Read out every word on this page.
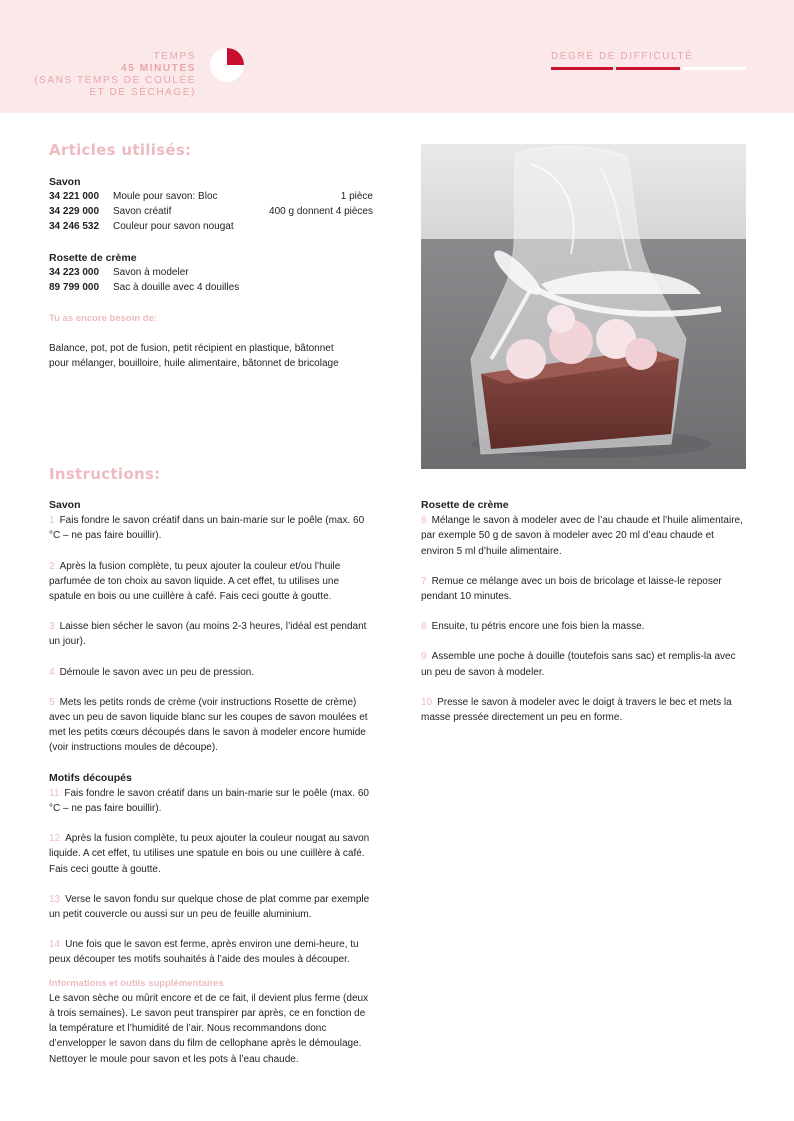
TEMPS
45 MINUTES
(SANS TEMPS DE COULÉE
ET DE SÉCHAGE)
DEGRÉ DE DIFFICULTÉ
Articles utilisés:
Savon
34 221 000 Moule pour savon: Bloc	1 pièce
34 229 000 Savon créatif	400 g donnent 4 pièces
34 246 532 Couleur pour savon nougat
Rosette de crème
34 223 000 Savon à modeler
89 799 000 Sac à douille avec 4 douilles
Tu as encore besoin de:
Balance, pot, pot de fusion, petit récipient en plastique, bâtonnet pour mélanger, bouilloire, huile alimentaire, bâtonnet de bricolage
Instructions:
Savon
1 Fais fondre le savon créatif dans un bain-marie sur le poêle (max. 60 °C – ne pas faire bouillir).
2 Après la fusion complète, tu peux ajouter la couleur et/ou l’huile parfumée de ton choix au savon liquide. A cet effet, tu utilises une spatule en bois ou une cuillère à café. Fais ceci goutte à goutte.
3 Laisse bien sécher le savon (au moins 2-3 heures, l’idéal est pendant un jour).
4 Démoule le savon avec un peu de pression.
5 Mets les petits ronds de crème (voir instructions Rosette de crème) avec un peu de savon liquide blanc sur les coupes de savon moulées et met les petits cœurs découpés dans le savon à modeler encore humide (voir instructions moules de découpe).
Motifs découpés
11 Fais fondre le savon créatif dans un bain-marie sur le poêle (max. 60 °C – ne pas faire bouillir).
12 Après la fusion complète, tu peux ajouter la couleur nougat au savon liquide. A cet effet, tu utilises une spatule en bois ou une cuillère à café. Fais ceci goutte à goutte.
13 Verse le savon fondu sur quelque chose de plat comme par exemple un petit couvercle ou aussi sur un peu de feuille aluminium.
14 Une fois que le savon est ferme, après environ une demi-heure, tu peux découper tes motifs souhaités à l’aide des moules à découper.
Informations et outils supplémentaires
Le savon sèche ou mûrit encore et de ce fait, il devient plus ferme (deux à trois semaines). Le savon peut transpirer par après, ce en fonction de la température et l’humidité de l’air. Nous recommandons donc d’envelopper le savon dans du film de cellophane après le démoulage. Nettoyer le moule pour savon et les pots à l’eau chaude.
Rosette de crème
6 Mélange le savon à modeler avec de l’au chaude et l’huile alimentaire, par exemple 50 g de savon à modeler avec 20 ml d’eau chaude et environ 5 ml d’huile alimentaire.
7 Remue ce mélange avec un bois de bricolage et laisse-le reposer pendant 10 minutes.
8 Ensuite, tu pétris encore une fois bien la masse.
9 Assemble une poche à douille (toutefois sans sac) et remplis-la avec un peu de savon à modeler.
10 Presse le savon à modeler avec le doigt à travers le bec et mets la masse pressée directement un peu en forme.
